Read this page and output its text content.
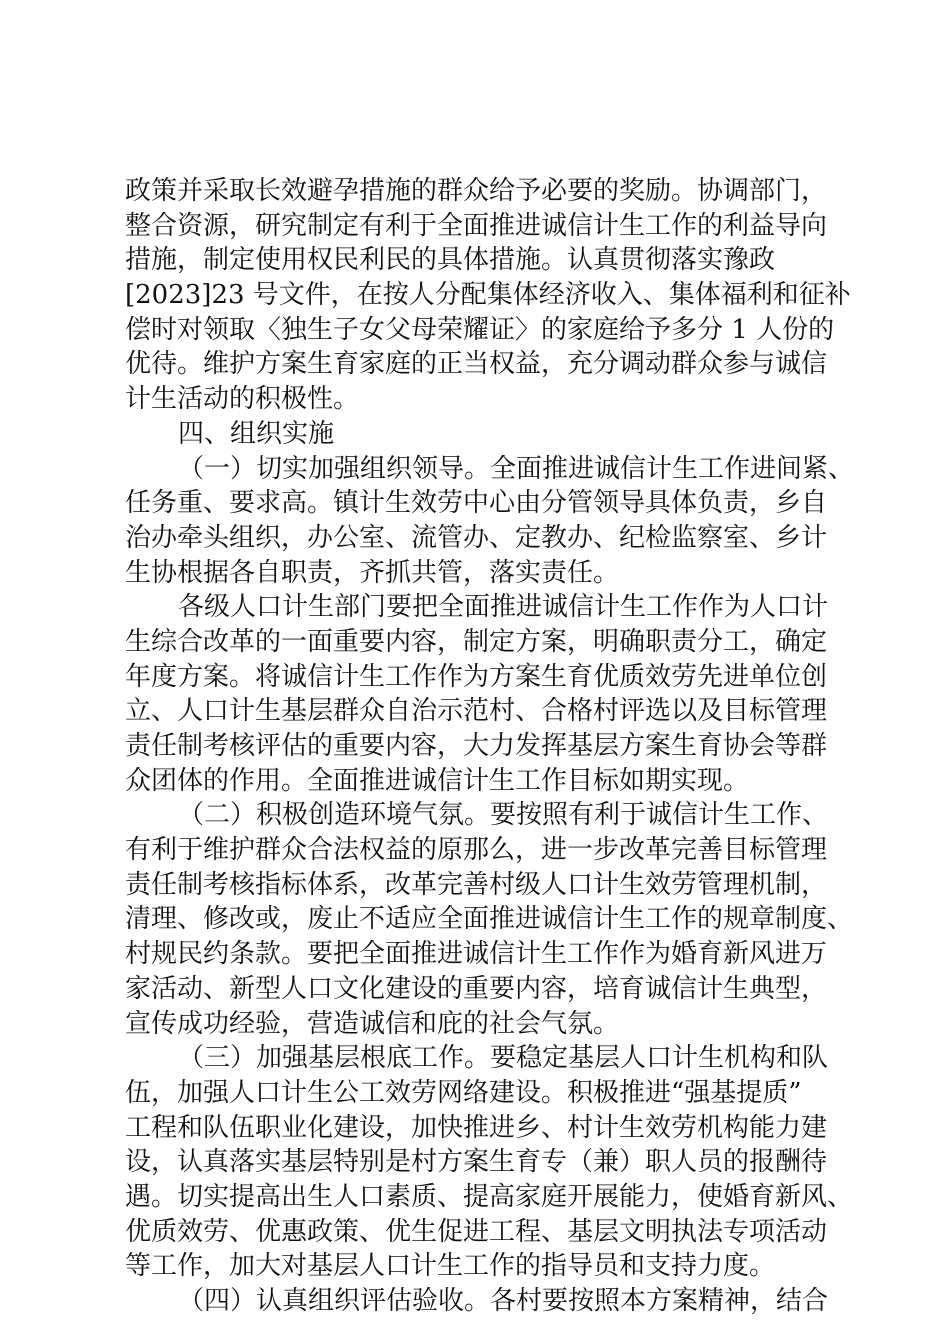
政策并采取长效避孕措施的群众给予必要的奖励。协调部门，
整合资源，研究制定有利于全面推进诚信计生工作的利益导向
措施，制定使用权民利民的具体措施。认真贯彻落实豫政
[2023]23 号文件，在按人分配集体经济收入、集体福利和征补
偿时对领取〈独生子女父母荣耀证〉的家庭给予多分 1 人份的
优待。维护方案生育家庭的正当权益，充分调动群众参与诚信
计生活动的积极性。
四、组织实施
（一）切实加强组织领导。全面推进诚信计生工作进间紧、
任务重、要求高。镇计生效劳中心由分管领导具体负责，乡自
治办牵头组织，办公室、流管办、定教办、纪检监察室、乡计
生协根据各自职责，齐抓共管，落实责任。
各级人口计生部门要把全面推进诚信计生工作作为人口计
生综合改革的一面重要内容，制定方案，明确职责分工，确定
年度方案。将诚信计生工作作为方案生育优质效劳先进单位创
立、人口计生基层群众自治示范村、合格村评选以及目标管理
责任制考核评估的重要内容，大力发挥基层方案生育协会等群
众团体的作用。全面推进诚信计生工作目标如期实现。
（二）积极创造环境气氛。要按照有利于诚信计生工作、
有利于维护群众合法权益的原那么，进一步改革完善目标管理
责任制考核指标体系，改革完善村级人口计生效劳管理机制，
清理、修改或，废止不适应全面推进诚信计生工作的规章制度、
村规民约条款。要把全面推进诚信计生工作作为婚育新风进万
家活动、新型人口文化建设的重要内容，培育诚信计生典型，
宣传成功经验，营造诚信和庇的社会气氛。
（三）加强基层根底工作。要稳定基层人口计生机构和队
伍，加强人口计生公工效劳网络建设。积极推进“强基提质”
工程和队伍职业化建设，加快推进乡、村计生效劳机构能力建
设，认真落实基层特别是村方案生育专（兼）职人员的报酬待
遇。切实提高出生人口素质、提高家庭开展能力，使婚育新风、
优质效劳、优惠政策、优生促进工程、基层文明执法专项活动
等工作，加大对基层人口计生工作的指导员和支持力度。
（四）认真组织评估验收。各村要按照本方案精神，结合
